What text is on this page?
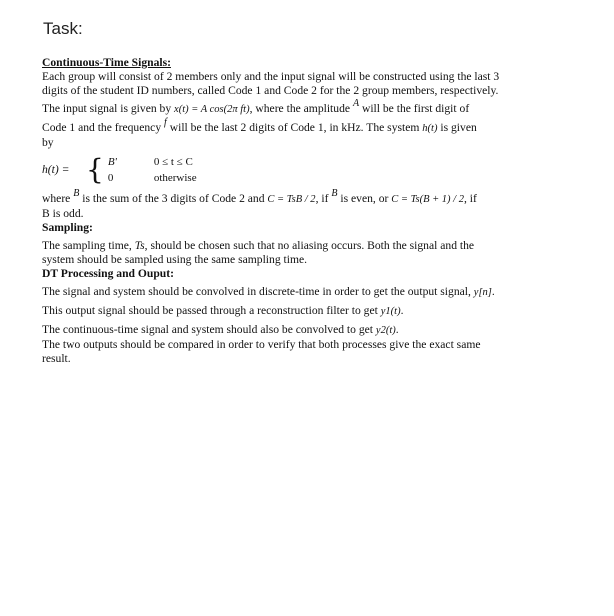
Task:
Continuous-Time Signals:
Each group will consist of 2 members only and the input signal will be constructed using the last 3
digits of the student ID numbers, called Code 1 and Code 2 for the 2 group members, respectively.
The input signal is given by x(t) = A cos(2π ft), where the amplitude A will be the first digit of
Code 1 and the frequency f will be the last 2 digits of Code 1, in kHz. The system h(t) is given
by
h(t) = { B'	0 ≤ t ≤ C
0	otherwise
where B is the sum of the 3 digits of Code 2 and C = TsB / 2, if B is even, or C = Ts(B + 1) / 2, if
B is odd.
Sampling:
The sampling time, Ts, should be chosen such that no aliasing occurs. Both the signal and the
system should be sampled using the same sampling time.
DT Processing and Ouput:
The signal and system should be convolved in discrete-time in order to get the output signal, y[n].
This output signal should be passed through a reconstruction filter to get y1(t).
The continuous-time signal and system should also be convolved to get y2(t).
The two outputs should be compared in order to verify that both processes give the exact same
result.
